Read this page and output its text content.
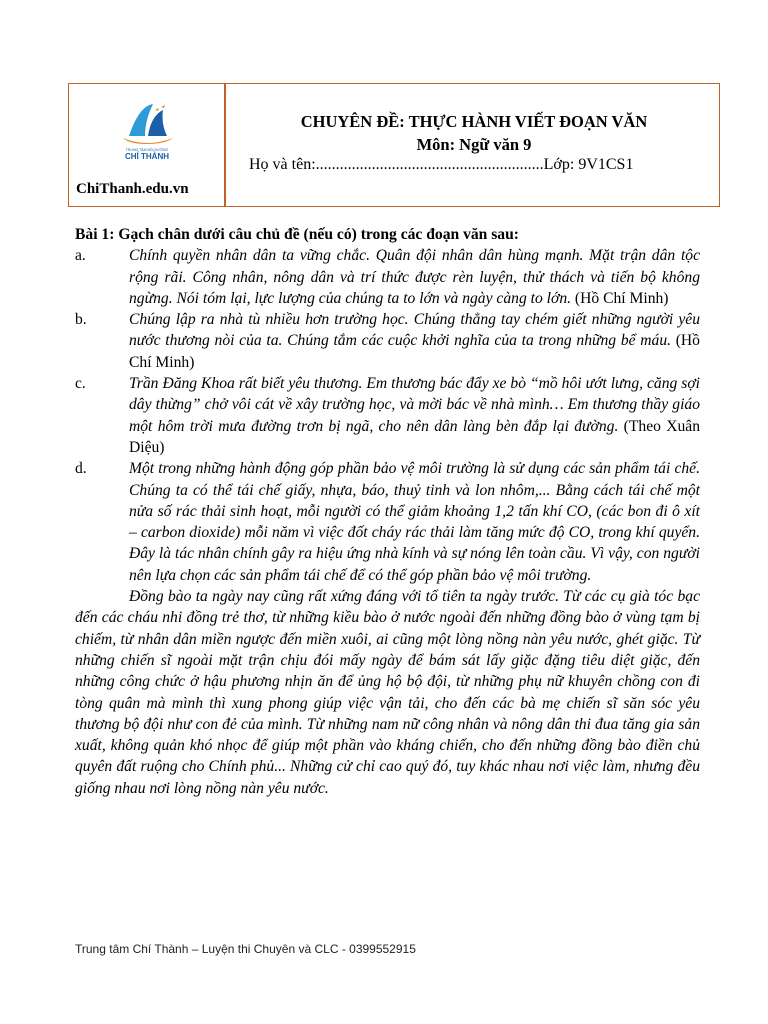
TRUNG TÂM BỒI DƯỠNG
CHÍ THÀNH
ChiThanh.edu.vn
CHUYÊN ĐỀ: THỰC HÀNH VIẾT ĐOẠN VĂN
Môn: Ngữ văn 9
Họ và tên:.........................................................Lớp: 9V1CS1
Bài 1: Gạch chân dưới câu chủ đề (nếu có) trong các đoạn văn sau:
a.	Chính quyền nhân dân ta vững chắc. Quân đội nhân dân hùng mạnh. Mặt trận dân tộc rộng rãi. Công nhân, nông dân và trí thức được rèn luyện, thử thách và tiến bộ không ngừng. Nói tóm lại, lực lượng của chúng ta to lớn và ngày càng to lớn. (Hồ Chí Minh)
b.	Chúng lập ra nhà tù nhiều hơn trường học. Chúng thẳng tay chém giết những người yêu nước thương nòi của ta. Chúng tắm các cuộc khởi nghĩa của ta trong những bể máu. (Hồ Chí Minh)
c.	Trần Đăng Khoa rất biết yêu thương. Em thương bác đẩy xe bò “mồ hôi ướt lưng, căng sợi dây thừng” chở vôi cát về xây trường học, và mời bác về nhà mình… Em thương thầy giáo một hôm trời mưa đường trơn bị ngã, cho nên dân làng bèn đắp lại đường. (Theo Xuân Diệu)
d.	Một trong những hành động góp phần bảo vệ môi trường là sử dụng các sản phẩm tái chế. Chúng ta có thể tái chế giấy, nhựa, báo, thuỷ tinh và lon nhôm,... Bằng cách tái chế một nửa số rác thải sinh hoạt, mỗi người có thể giảm khoảng 1,2 tấn khí CO, (các bon đi ô xít – carbon dioxide) mỗi năm vì việc đốt cháy rác thải làm tăng mức độ CO, trong khí quyển. Đây là tác nhân chính gây ra hiệu ứng nhà kính và sự nóng lên toàn cầu. Vì vậy, con người nên lựa chọn các sản phẩm tái chế để có thể góp phần bảo vệ môi trường.
Đồng bào ta ngày nay cũng rất xứng đáng với tổ tiên ta ngày trước. Từ các cụ già tóc bạc đến các cháu nhi đồng trẻ thơ, từ những kiều bào ở nước ngoài đến những đồng bào ở vùng tạm bị chiếm, từ nhân dân miền ngược đến miền xuôi, ai cũng một lòng nồng nàn yêu nước, ghét giặc. Từ những chiến sĩ ngoài mặt trận chịu đói mấy ngày để bám sát lấy giặc đặng tiêu diệt giặc, đến những công chức ở hậu phương nhịn ăn để ủng hộ bộ đội, từ những phụ nữ khuyên chồng con đi tòng quân mà mình thì xung phong giúp việc vận tải, cho đến các bà mẹ chiến sĩ săn sóc yêu thương bộ đội như con đẻ của mình. Từ những nam nữ công nhân và nông dân thi đua tăng gia sản xuất, không quản khó nhọc để giúp một phần vào kháng chiến, cho đến những đồng bào điền chủ quyên đất ruộng cho Chính phủ... Những cử chỉ cao quý đó, tuy khác nhau nơi việc làm, nhưng đều giống nhau nơi lòng nồng nàn yêu nước.
Trung tâm Chí Thành – Luyện thi Chuyên và CLC - 0399552915
